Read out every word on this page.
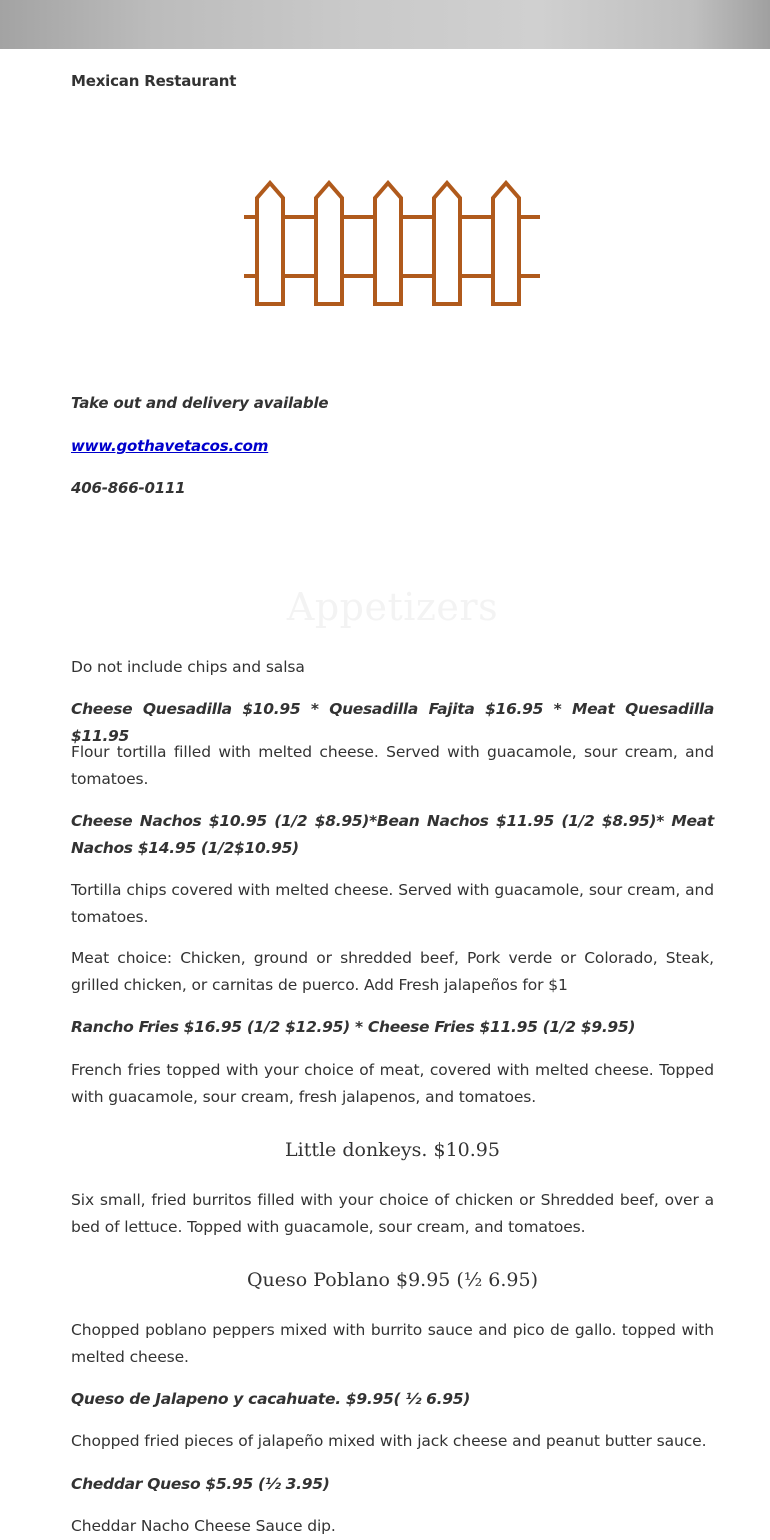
Mexican Restaurant
Take out and delivery available
www.gothavetacos.com
406-866-0111
Appetizers
Do not include chips and salsa
Cheese Quesadilla $10.95 * Quesadilla Fajita $16.95 * Meat Quesadilla $11.95
Flour tortilla filled with melted cheese. Served with guacamole, sour cream, and tomatoes.
Cheese Nachos $10.95 (1/2 $8.95)*Bean Nachos $11.95 (1/2 $8.95)* Meat Nachos $14.95 (1/2$10.95)
Tortilla chips covered with melted cheese. Served with guacamole, sour cream, and tomatoes.
Meat choice: Chicken, ground or shredded beef, Pork verde or Colorado, Steak, grilled chicken, or carnitas de puerco. Add Fresh jalapeños for $1
Rancho Fries $16.95 (1/2 $12.95) * Cheese Fries $11.95 (1/2 $9.95)
French fries topped with your choice of meat, covered with melted cheese. Topped with guacamole, sour cream, fresh jalapenos, and tomatoes.
Little donkeys. $10.95
Six small, fried burritos filled with your choice of chicken or Shredded beef, over a bed of lettuce. Topped with guacamole, sour cream, and tomatoes.
Queso Poblano $9.95 (½ 6.95)
Chopped poblano peppers mixed with burrito sauce and pico de gallo. topped with melted cheese.
Queso de Jalapeno y cacahuate. $9.95( ½ 6.95)
Chopped fried pieces of jalapeño mixed with jack cheese and peanut butter sauce.
Cheddar Queso $5.95 (½ 3.95)
Cheddar Nacho Cheese Sauce dip.
